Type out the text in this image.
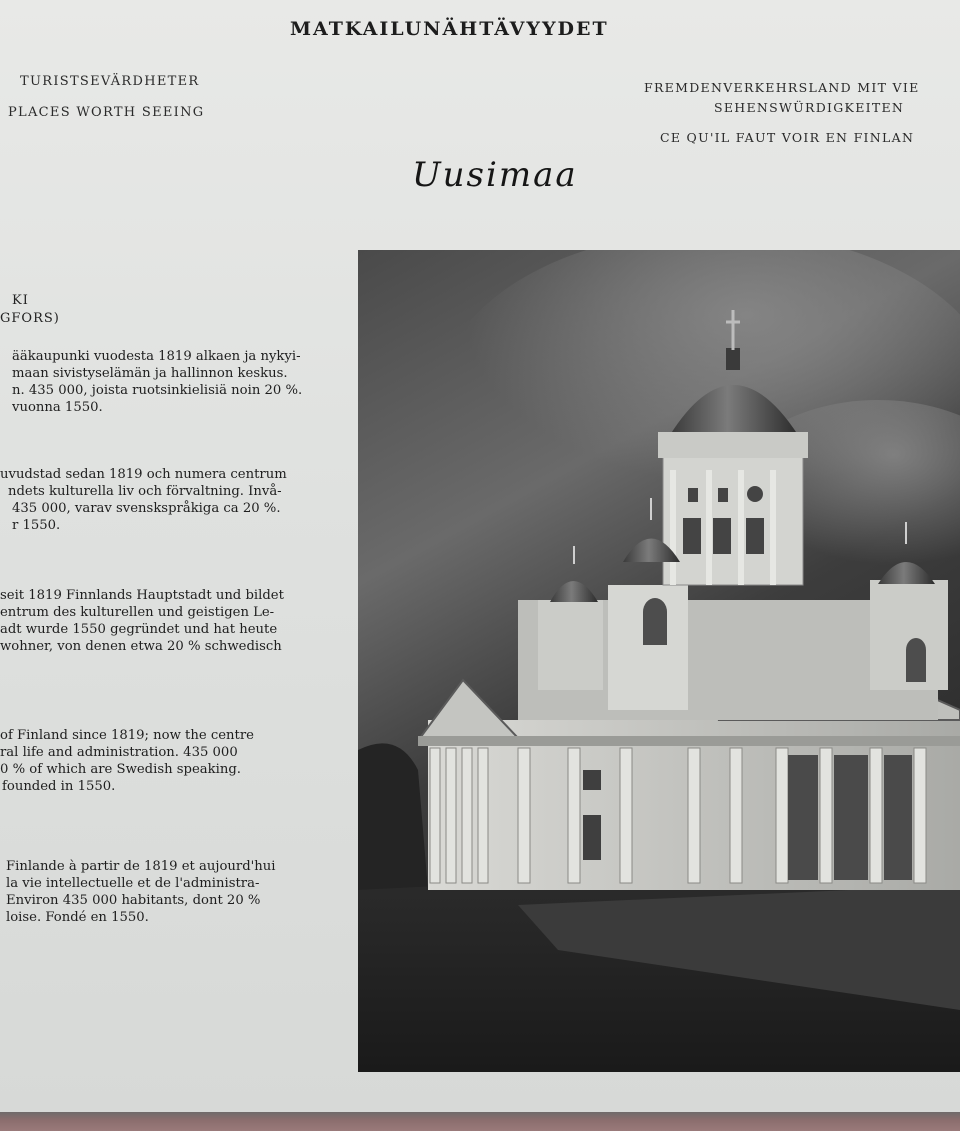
MATKAILUNÄHTÄVYYDET
TURISTSEVÄRDHETER
PLACES WORTH SEEING
FREMDENVERKEHRSLAND MIT VIE
SEHENSWÜRDIGKEITEN
CE QU'IL FAUT VOIR EN FINLAN
Uusimaa
KI
GFORS)
ääkaupunki vuodesta 1819 alkaen ja nykyi-
maan sivistyselämän ja hallinnon keskus.
n. 435 000, joista ruotsinkielisiä noin 20 %.
vuonna 1550.
uvudstad sedan 1819 och numera centrum
ndets kulturella liv och förvaltning. Invå-
435 000, varav svenskspråkiga ca 20 %.
r 1550.
seit 1819 Finnlands Hauptstadt und bildet
entrum des kulturellen und geistigen Le-
adt wurde 1550 gegründet und hat heute
wohner, von denen etwa 20 % schwedisch
of Finland since 1819; now the centre
ral life and administration. 435 000
0 % of which are Swedish speaking.
founded in 1550.
Finlande à partir de 1819 et aujourd'hui
la vie intellectuelle et de l'administra-
Environ 435 000 habitants, dont 20 %
loise. Fondé en 1550.
